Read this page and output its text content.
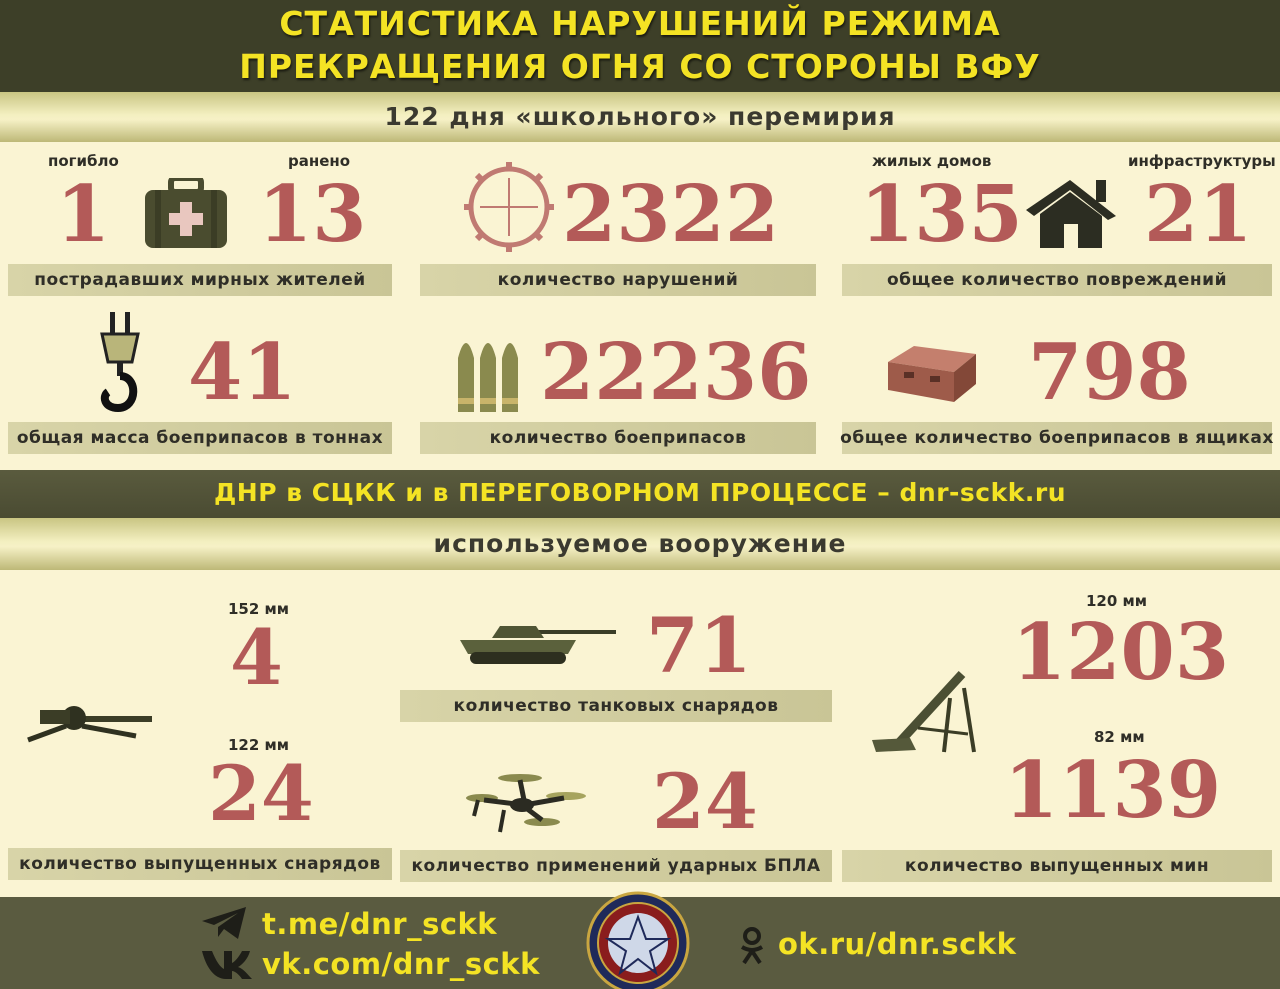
СТАТИСТИКА НАРУШЕНИЙ РЕЖИМА
ПРЕКРАЩЕНИЯ ОГНЯ СО СТОРОНЫ ВФУ
122 дня «школьного» перемирия
погибло	ранено
1 13
пострадавших мирных жителей
2322
количество нарушений
жилых домов	инфраструктуры
135 21
общее количество повреждений
41
общая масса боеприпасов в тоннах
22236
количество боеприпасов
798
общее количество боеприпасов в ящиках
ДНР в СЦКК и в ПЕРЕГОВОРНОМ ПРОЦЕССЕ – dnr-sckk.ru
используемое вооружение
152 мм
4
122 мм
24
количество выпущенных снарядов
71
количество танковых снарядов
24
количество применений ударных БПЛА
120 мм
1203
82 мм
1139
количество выпущенных мин
t.me/dnr_sckk
vk.com/dnr_sckk
ok.ru/dnr.sckk
